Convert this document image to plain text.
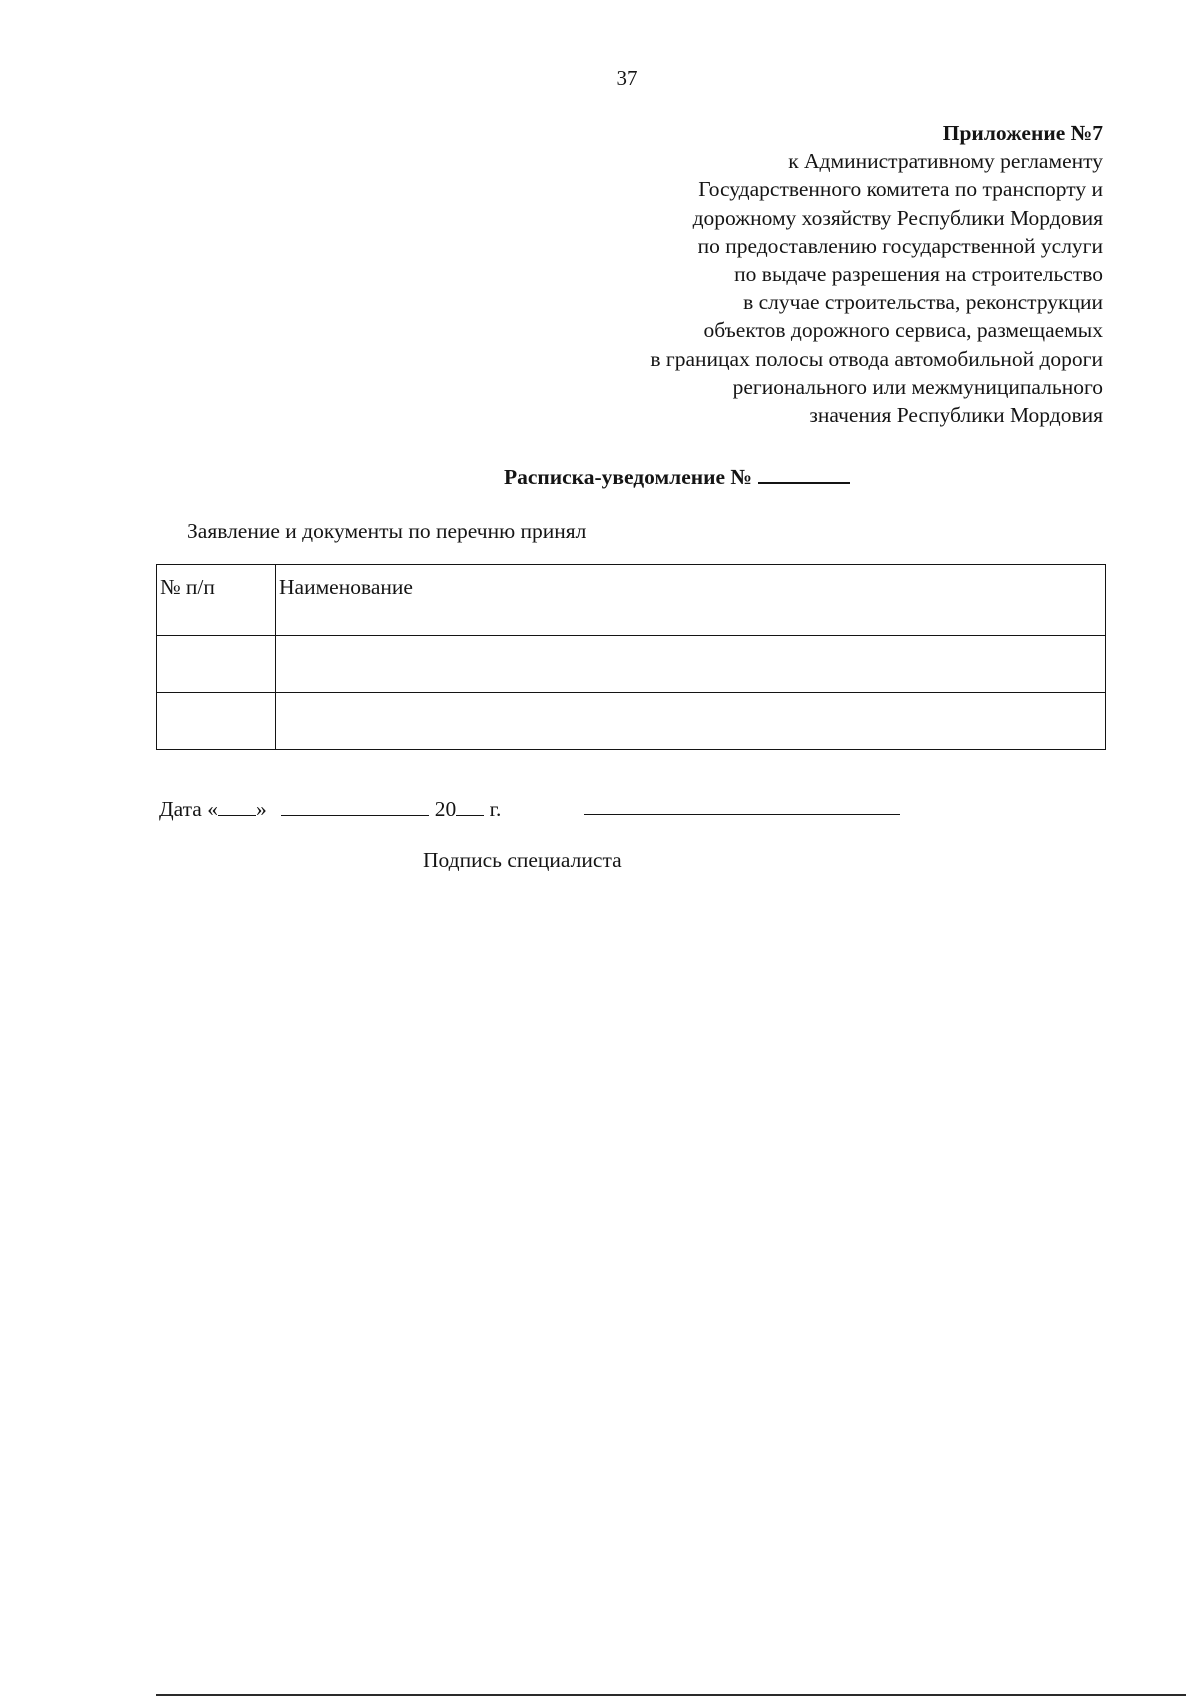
37
Приложение №7
к Административному регламенту
Государственного комитета по транспорту и
дорожному хозяйству Республики Мордовия
по предоставлению государственной услуги
по выдаче разрешения на строительство
в случае строительства, реконструкции
объектов дорожного сервиса, размещаемых
в границах полосы отвода автомобильной дороги
регионального или межмуниципального
значения Республики Мордовия
Расписка-уведомление №
Заявление и документы по перечню принял
№ п/п	Наименование

Дата « »	20 г.
Подпись специалиста
